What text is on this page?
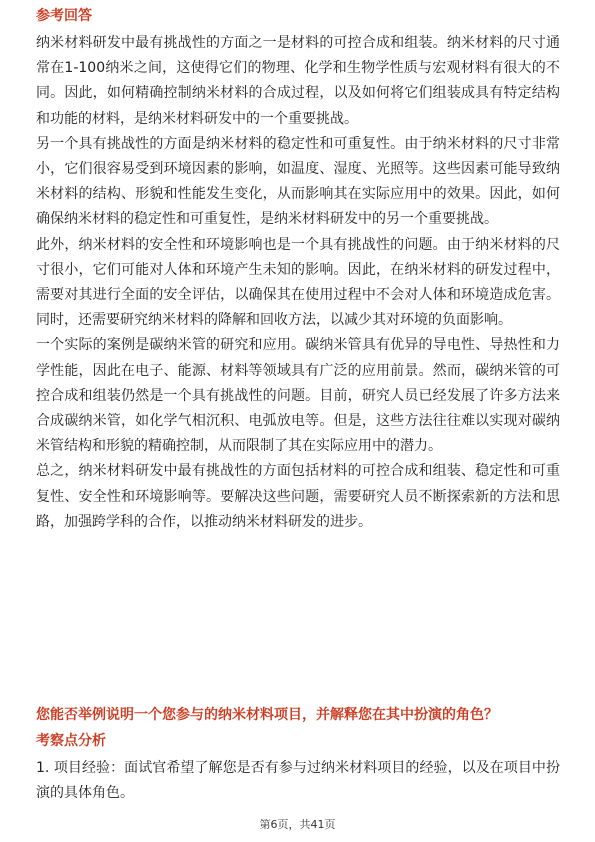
参考回答

纳米材料研发中最有挑战性的方面之一是材料的可控合成和组装。纳米材料的尺寸通常在1-100纳米之间，这使得它们的物理、化学和生物学性质与宏观材料有很大的不同。因此，如何精确控制纳米材料的合成过程，以及如何将它们组装成具有特定结构和功能的材料，是纳米材料研发中的一个重要挑战。

另一个具有挑战性的方面是纳米材料的稳定性和可重复性。由于纳米材料的尺寸非常小，它们很容易受到环境因素的影响，如温度、湿度、光照等。这些因素可能导致纳米材料的结构、形貌和性能发生变化，从而影响其在实际应用中的效果。因此，如何确保纳米材料的稳定性和可重复性，是纳米材料研发中的另一个重要挑战。

此外，纳米材料的安全性和环境影响也是一个具有挑战性的问题。由于纳米材料的尺寸很小，它们可能对人体和环境产生未知的影响。因此，在纳米材料的研发过程中，需要对其进行全面的安全评估，以确保其在使用过程中不会对人体和环境造成危害。同时，还需要研究纳米材料的降解和回收方法，以减少其对环境的负面影响。

一个实际的案例是碳纳米管的研究和应用。碳纳米管具有优异的导电性、导热性和力学性能，因此在电子、能源、材料等领域具有广泛的应用前景。然而，碳纳米管的可控合成和组装仍然是一个具有挑战性的问题。目前，研究人员已经发展了许多方法来合成碳纳米管，如化学气相沉积、电弧放电等。但是，这些方法往往难以实现对碳纳米管结构和形貌的精确控制，从而限制了其在实际应用中的潜力。

总之，纳米材料研发中最有挑战性的方面包括材料的可控合成和组装、稳定性和可重复性、安全性和环境影响等。要解决这些问题，需要研究人员不断探索新的方法和思路，加强跨学科的合作，以推动纳米材料研发的进步。

您能否举例说明一个您参与的纳米材料项目，并解释您在其中扮演的角色？
考察点分析

1. 项目经验：面试官希望了解您是否有参与过纳米材料项目的经验，以及在项目中扮演的具体角色。

第6页，共41页
